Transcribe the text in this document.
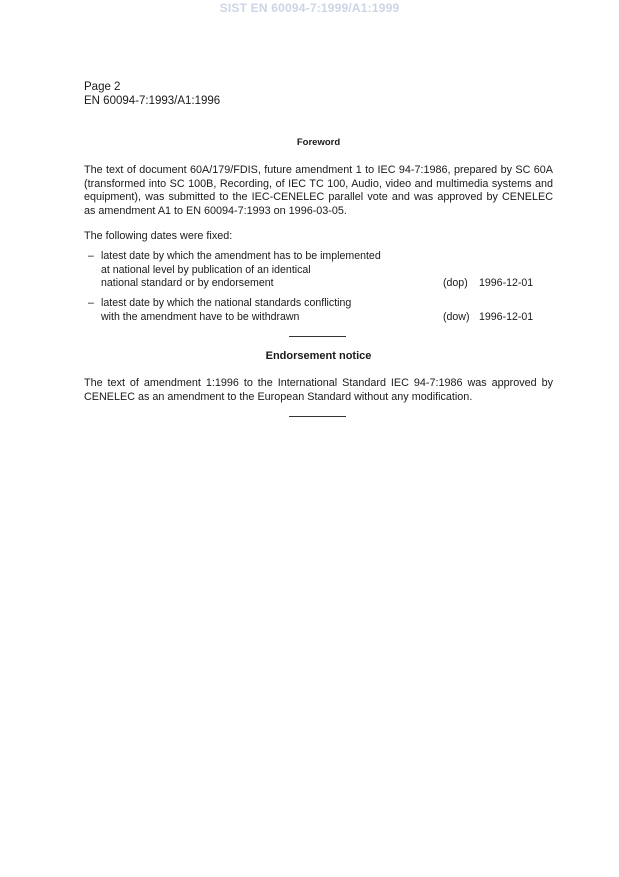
SIST EN 60094-7:1999/A1:1999
Page 2
EN 60094-7:1993/A1:1996
Foreword
The text of document 60A/179/FDIS, future amendment 1 to IEC 94-7:1986, prepared by SC 60A (transformed into SC 100B, Recording, of IEC TC 100, Audio, video and multimedia systems and equipment), was submitted to the IEC-CENELEC parallel vote and was approved by CENELEC as amendment A1 to EN 60094-7:1993 on 1996-03-05.
The following dates were fixed:
– latest date by which the amendment has to be implemented
at national level by publication of an identical
national standard or by endorsement	(dop) 1996-12-01
– latest date by which the national standards conflicting
with the amendment have to be withdrawn	(dow) 1996-12-01
Endorsement notice
The text of amendment 1:1996 to the International Standard IEC 94-7:1986 was approved by CENELEC as an amendment to the European Standard without any modification.
